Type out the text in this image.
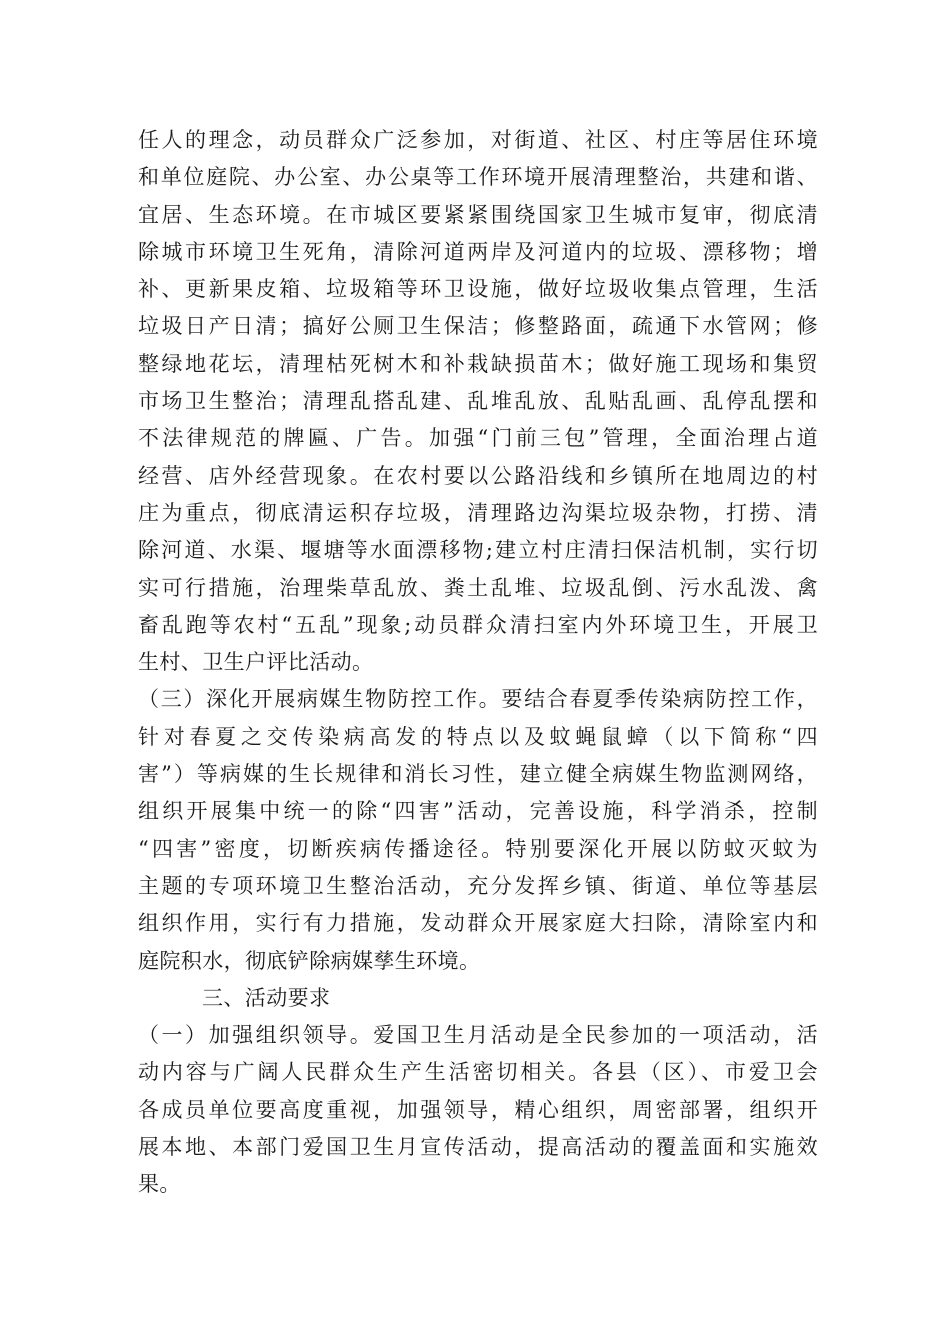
任人的理念，动员群众广泛参加，对街道、社区、村庄等居住环境
和单位庭院、办公室、办公桌等工作环境开展清理整治，共建和谐、
宜居、生态环境。在市城区要紧紧围绕国家卫生城市复审，彻底清
除城市环境卫生死角，清除河道两岸及河道内的垃圾、漂移物；增
补、更新果皮箱、垃圾箱等环卫设施，做好垃圾收集点管理，生活
垃圾日产日清；搞好公厕卫生保洁；修整路面，疏通下水管网；修
整绿地花坛，清理枯死树木和补栽缺损苗木；做好施工现场和集贸
市场卫生整治；清理乱搭乱建、乱堆乱放、乱贴乱画、乱停乱摆和
不法律规范的牌匾、广告。加强“门前三包”管理，全面治理占道
经营、店外经营现象。在农村要以公路沿线和乡镇所在地周边的村
庄为重点，彻底清运积存垃圾，清理路边沟渠垃圾杂物，打捞、清
除河道、水渠、堰塘等水面漂移物;建立村庄清扫保洁机制，实行切
实可行措施，治理柴草乱放、粪土乱堆、垃圾乱倒、污水乱泼、禽
畜乱跑等农村“五乱”现象;动员群众清扫室内外环境卫生，开展卫
生村、卫生户评比活动。
（三）深化开展病媒生物防控工作。要结合春夏季传染病防控工作，
针对春夏之交传染病高发的特点以及蚊蝇鼠蟑（以下简称“四
害”）等病媒的生长规律和消长习性，建立健全病媒生物监测网络，
组织开展集中统一的除“四害”活动，完善设施，科学消杀，控制
“四害”密度，切断疾病传播途径。特别要深化开展以防蚊灭蚊为
主题的专项环境卫生整治活动，充分发挥乡镇、街道、单位等基层
组织作用，实行有力措施，发动群众开展家庭大扫除，清除室内和
庭院积水，彻底铲除病媒孳生环境。
三、活动要求
（一）加强组织领导。爱国卫生月活动是全民参加的一项活动，活
动内容与广阔人民群众生产生活密切相关。各县（区）、市爱卫会
各成员单位要高度重视，加强领导，精心组织，周密部署，组织开
展本地、本部门爱国卫生月宣传活动，提高活动的覆盖面和实施效
果。
